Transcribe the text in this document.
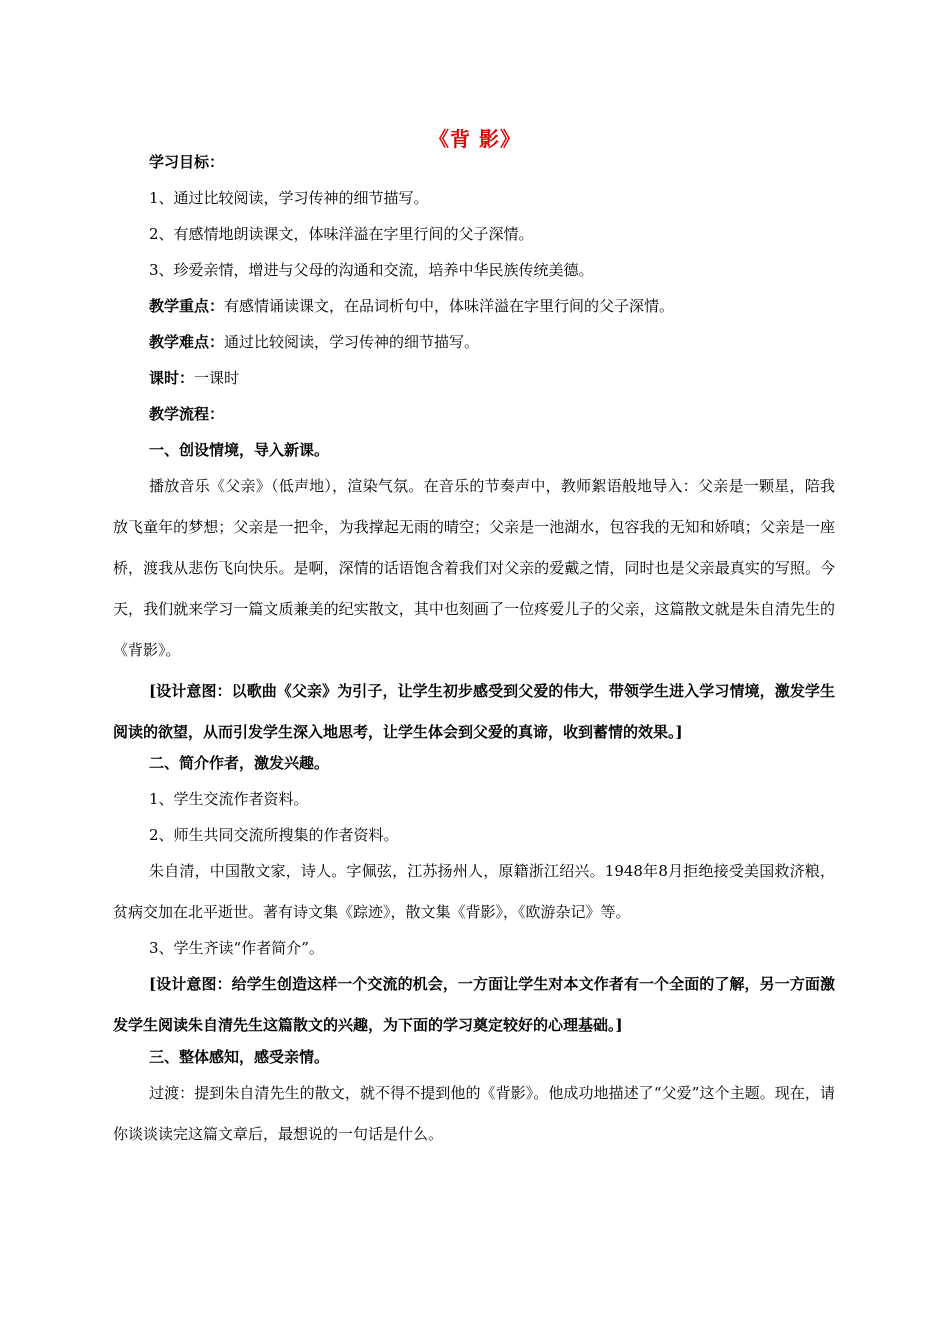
《背 影》

学习目标：

1、通过比较阅读，学习传神的细节描写。

2、有感情地朗读课文，体味洋溢在字里行间的父子深情。

3、珍爱亲情，增进与父母的沟通和交流，培养中华民族传统美德。

教学重点：有感情诵读课文，在品词析句中，体味洋溢在字里行间的父子深情。

教学难点：通过比较阅读，学习传神的细节描写。

课时：一课时

教学流程：

一、创设情境，导入新课。

播放音乐《父亲》（低声地），渲染气氛。在音乐的节奏声中，教师絮语般地导入：父亲是一颗星，陪我放飞童年的梦想；父亲是一把伞，为我撑起无雨的晴空；父亲是一池湖水，包容我的无知和娇嗔；父亲是一座桥，渡我从悲伤飞向快乐。是啊，深情的话语饱含着我们对父亲的爱戴之情，同时也是父亲最真实的写照。今天，我们就来学习一篇文质兼美的纪实散文，其中也刻画了一位疼爱儿子的父亲，这篇散文就是朱自清先生的《背影》。

[设计意图：以歌曲《父亲》为引子，让学生初步感受到父爱的伟大，带领学生进入学习情境，激发学生阅读的欲望，从而引发学生深入地思考，让学生体会到父爱的真谛，收到蓄情的效果。]

二、简介作者，激发兴趣。

1、学生交流作者资料。

2、师生共同交流所搜集的作者资料。

朱自清，中国散文家，诗人。字佩弦，江苏扬州人，原籍浙江绍兴。1948年8月拒绝接受美国救济粮，贫病交加在北平逝世。著有诗文集《踪迹》，散文集《背影》，《欧游杂记》等。

3、学生齐读“作者简介”。

[设计意图：给学生创造这样一个交流的机会，一方面让学生对本文作者有一个全面的了解，另一方面激发学生阅读朱自清先生这篇散文的兴趣，为下面的学习奠定较好的心理基础。]

三、整体感知，感受亲情。

过渡：提到朱自清先生的散文，就不得不提到他的《背影》。他成功地描述了“父爱”这个主题。现在，请你谈谈读完这篇文章后，最想说的一句话是什么。
